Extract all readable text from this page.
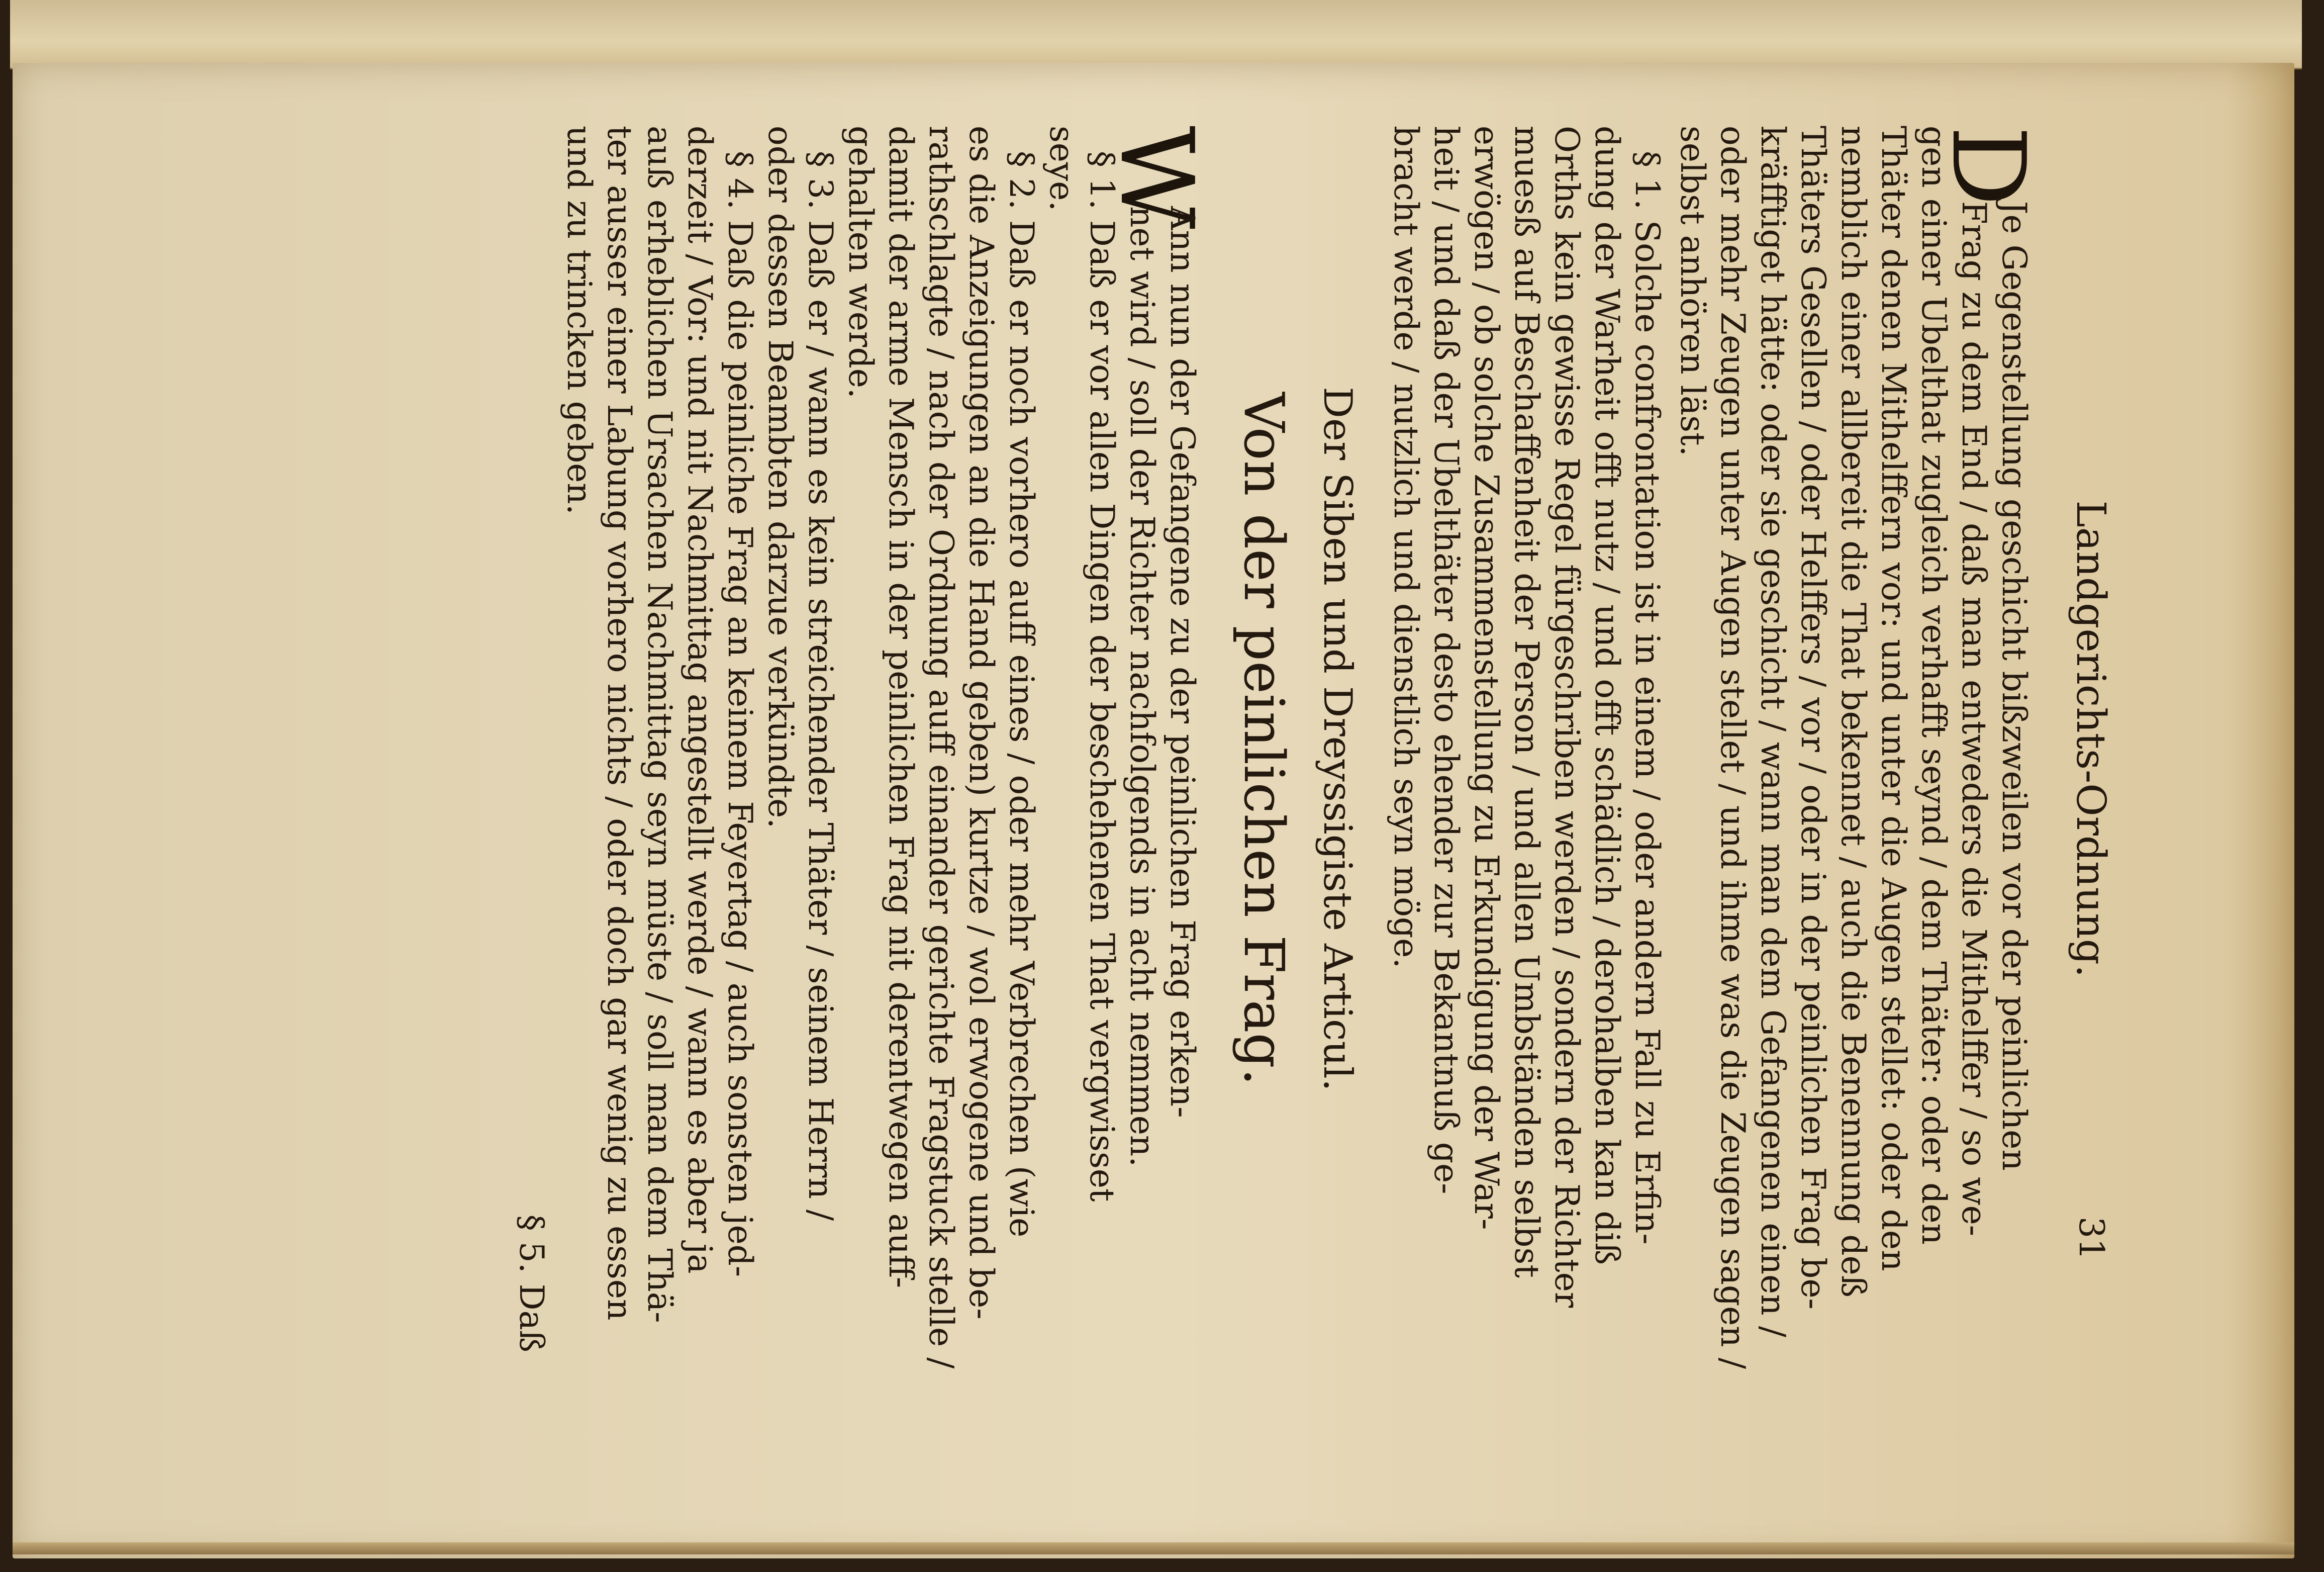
Landgerichts-Ordnung.
31
D
Je Gegenstellung geschicht bißzweilen vor der peinlichen
Frag zu dem End / daß man entweders die Mithelffer / so we-
gen einer Ubelthat zugleich verhafft seynd / dem Thäter: oder den
Thäter denen Mithelffern vor: und unter die Augen stellet: oder den
nemblich einer allbereit die That bekennet / auch die Benennung deß
Thäters Gesellen / oder Helffers / vor / oder in der peinlichen Frag be-
kräfftiget hätte: oder sie geschicht / wann man dem Gefangenen einen /
oder mehr Zeugen unter Augen stellet / und ihme was die Zeugen sagen /
selbst anhören läst.
§ 1. Solche confrontation ist in einem / oder andern Fall zu Erfin-
dung der Warheit offt nutz / und offt schädlich / derohalben kan diß
Orths kein gewisse Regel fürgeschriben werden / sondern der Richter
muesß auf Beschaffenheit der Person / und allen Umbständen selbst
erwögen / ob solche Zusammenstellung zu Erkundigung der War-
heit / und daß der Ubelthäter desto ehender zur Bekantnuß ge-
bracht werde / nutzlich und dienstlich seyn möge.
Der Siben und Dreyssigiste Articul.
Von der peinlichen Frag.
W
Ann nun der Gefangene zu der peinlichen Frag erken-
net wird / soll der Richter nachfolgends in acht nemmen.
§ 1. Daß er vor allen Dingen der beschehenen That vergwisset
seye.
§ 2. Daß er noch vorhero auff eines / oder mehr Verbrechen (wie
es die Anzeigungen an die Hand geben) kurtze / wol erwogene und be-
rathschlagte / nach der Ordnung auff einander gerichte Fragstuck stelle /
damit der arme Mensch in der peinlichen Frag nit derentwegen auff-
gehalten werde.
§ 3. Daß er / wann es kein streichender Thäter / seinem Herrn /
oder dessen Beambten darzue verkündte.
§ 4. Daß die peinliche Frag an keinem Feyertag / auch sonsten jed-
derzeit / Vor: und nit Nachmittag angestellt werde / wann es aber ja
auß erheblichen Ursachen Nachmittag seyn müste / soll man dem Thä-
ter ausser einer Labung vorhero nichts / oder doch gar wenig zu essen
und zu trincken geben.
§ 5. Daß
